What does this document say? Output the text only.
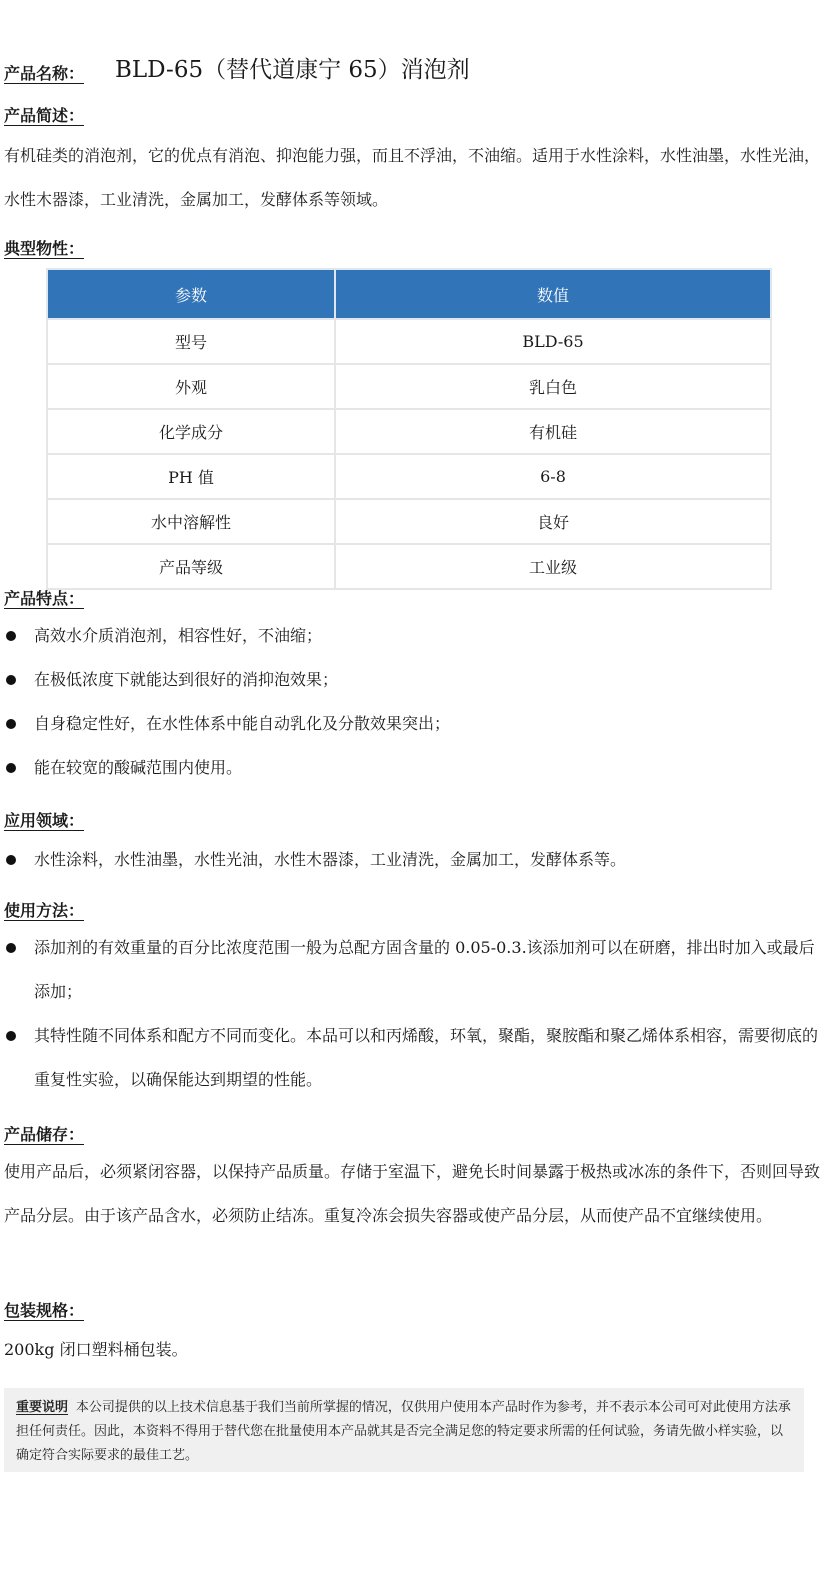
产品名称： BLD-65（替代道康宁 65）消泡剂
产品简述：

有机硅类的消泡剂，它的优点有消泡、抑泡能力强，而且不浮油，不油缩。适用于水性涂料，水性油墨，水性光油，水性木器漆，工业清洗，金属加工，发酵体系等领域。

典型物性：
参数	数值
型号	BLD-65
外观	乳白色
化学成分	有机硅
PH 值	6-8
水中溶解性	良好
产品等级	工业级
产品特点：
高效水介质消泡剂，相容性好，不油缩；
在极低浓度下就能达到很好的消抑泡效果；
自身稳定性好，在水性体系中能自动乳化及分散效果突出；
能在较宽的酸碱范围内使用。
应用领域：
水性涂料，水性油墨，水性光油，水性木器漆，工业清洗，金属加工，发酵体系等。
使用方法：
添加剂的有效重量的百分比浓度范围一般为总配方固含量的 0.05-0.3.该添加剂可以在研磨，排出时加入或最后添加；
其特性随不同体系和配方不同而变化。本品可以和丙烯酸，环氧，聚酯，聚胺酯和聚乙烯体系相容，需要彻底的重复性实验，以确保能达到期望的性能。
产品储存：

使用产品后，必须紧闭容器，以保持产品质量。存储于室温下，避免长时间暴露于极热或冰冻的条件下，否则回导致产品分层。由于该产品含水，必须防止结冻。重复冷冻会损失容器或使产品分层，从而使产品不宜继续使用。

包装规格：

200kg 闭口塑料桶包装。

重要说明 本公司提供的以上技术信息基于我们当前所掌握的情况，仅供用户使用本产品时作为参考，并不表示本公司可对此使用方法承担任何责任。因此，本资料不得用于替代您在批量使用本产品就其是否完全满足您的特定要求所需的任何试验，务请先做小样实验，以确定符合实际要求的最佳工艺。
